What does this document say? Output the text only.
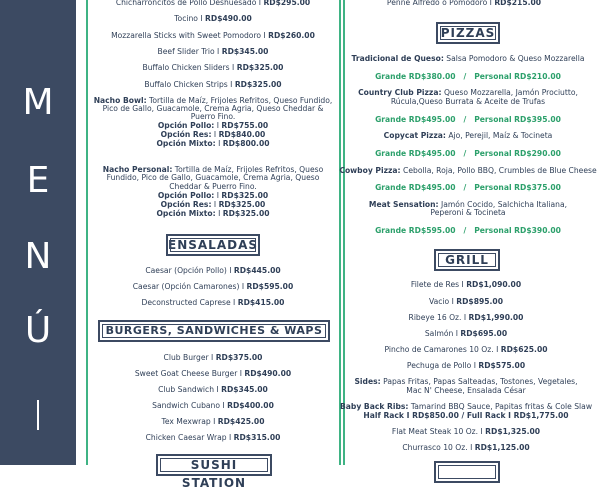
M
E
N
Ú
Chicharroncitos de Pollo Deshuesado I RD$295.00
Tocino I RD$490.00
Mozzarella Sticks with Sweet Pomodoro I RD$260.00
Beef Slider Trio I RD$345.00
Buffalo Chicken Sliders I RD$325.00
Buffalo Chicken Strips I RD$325.00
Nacho Bowl: Tortilla de Maíz, Frijoles Refritos, Queso Fundido,
Pico de Gallo, Guacamole, Crema Agria, Queso Cheddar &
Puerro Fino.
Opción Pollo: I RD$755.00
Opción Res: I RD$840.00
Opción Mixto: I RD$800.00
Nacho Personal: Tortilla de Maíz, Frijoles Refritos, Queso
Fundido, Pico de Gallo, Guacamole, Crema Agria, Queso
Cheddar & Puerro Fino.
Opción Pollo: I RD$325.00
Opción Res: I RD$325.00
Opción Mixto: I RD$325.00
ENSALADAS
Caesar (Opción Pollo) I RD$445.00
Caesar (Opción Camarones) I RD$595.00
Deconstructed Caprese I RD$415.00
BURGERS, SANDWICHES & WAPS
Club Burger I RD$375.00
Sweet Goat Cheese Burger I RD$490.00
Club Sandwich I RD$345.00
Sandwich Cubano I RD$400.00
Tex Mexwrap I RD$425.00
Chicken Caesar Wrap I RD$315.00
SUSHI STATION
Penne Alfredo ó Pomodoro I RD$215.00
PIZZAS
Tradicional de Queso: Salsa Pomodoro & Queso Mozzarella
Grande RD$380.00 / Personal RD$210.00
Country Club Pizza: Queso Mozzarella, Jamón Prociutto,
Rúcula,Queso Burrata & Aceite de Trufas
Grande RD$495.00 / Personal RD$395.00
Copycat Pizza: Ajo, Perejil, Maíz & Tocineta
Grande RD$495.00 / Personal RD$290.00
Cowboy Pizza: Cebolla, Roja, Pollo BBQ, Crumbles de Blue Cheese
Grande RD$495.00 / Personal RD$375.00
Meat Sensation: Jamón Cocido, Salchicha Italiana,
Peperoni & Tocineta
Grande RD$595.00 / Personal RD$390.00
GRILL
Filete de Res I RD$1,090.00
Vacio I RD$895.00
Ribeye 16 Oz. I RD$1,990.00
Salmón I RD$695.00
Pincho de Camarones 10 Oz. I RD$625.00
Pechuga de Pollo I RD$575.00
Sides: Papas Fritas, Papas Salteadas, Tostones, Vegetales,
Mac N' Cheese, Ensalada César
Baby Back Ribs: Tamarind BBQ Sauce, Papitas fritas & Cole Slaw
Half Rack I RD$850.00 / Full Rack I RD$1,775.00
Flat Meat Steak 10 Oz. I RD$1,325.00
Churrasco 10 Oz. I RD$1,125.00
